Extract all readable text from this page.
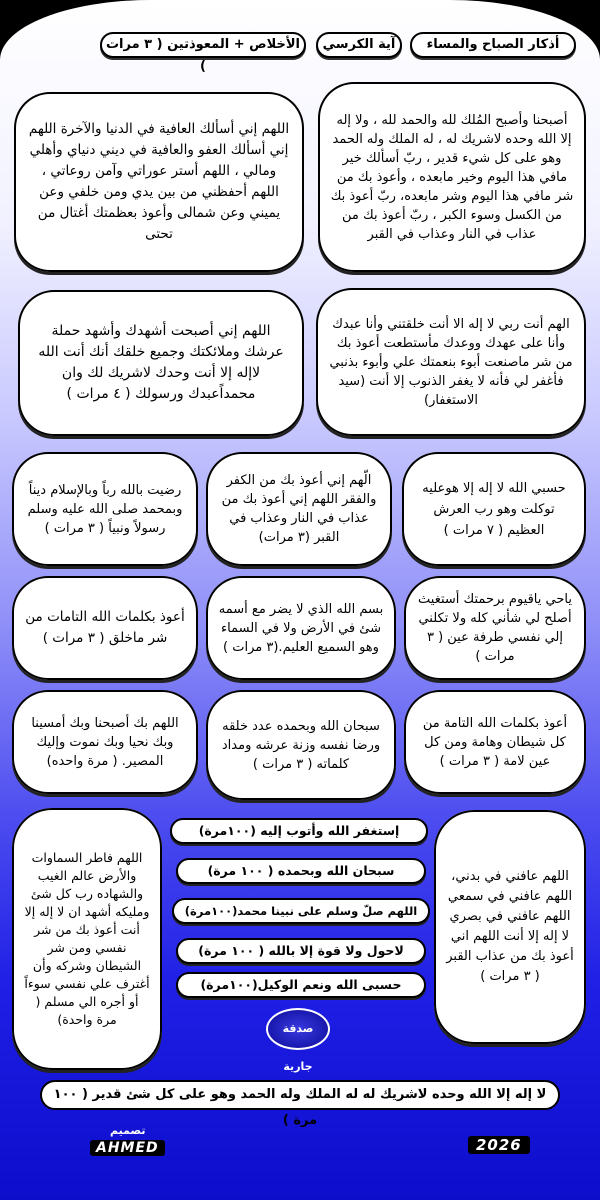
أذكار الصباح والمساء
آية الكرسي
الأخلاص + المعوذتين ( ٣ مرات )
أصبحنا وأصبح المُلك لله والحمد لله ، ولا إله إلا الله وحده لاشريك له ، له الملك وله الحمد وهو على كل شيء قدير ، ربّ أسألك خير مافي هذا اليوم وخير مابعده ، وأعوذ بك من شر مافي هذا اليوم وشر مابعده، ربّ أعوذ بك من الكسل وسوء الكبر ، ربّ أعوذ بك من عذاب في النار وعذاب في القبر
اللهم إني أسألك العافية في الدنيا والآخرة اللهم إني أسألك العفو والعافية في ديني دنياي وأهلي ومالي ، اللهم أستر عوراتي وآمن روعاتي ، اللهم أحفظني من بين يدي ومن خلفي وعن يميني وعن شمالى وأعوذ بعظمتك أغتال من تحتى
الهم أنت ربي لا إله الا أنت خلقتني وأنا عبدك وأنا على عهدك ووعدك مأستطعت أعوذ بك من شر ماصنعت أبوء بنعمتك علي وأبوء بذنبي فأغفر لي فأنه لا يغفر الذنوب إلا أنت (سيد الاستغفار)
اللهم إني أصبحت أشهدك وأشهد حملة عرشك وملائكتك وجميع خلقك أنك أنت الله لاإله إلا أنت وحدك لاشريك لك وان محمداًعبدك ورسولك ( ٤ مرات )
حسبي الله لا إله إلا هوعليه توكلت وهو رب العرش العظيم ( ٧ مرات )
الّهم إني أعوذ بك من الكفر والفقر اللهم إني أعوذ بك من عذاب في النار وعذاب في القبر (٣ مرات)
رضيت بالله رباً وبالإسلام ديناً وبمحمد صلى الله عليه وسلم رسولاً ونبياً ( ٣ مرات )
ياحي ياقيوم برحمتك أستغيث أصلح لي شأني كله ولا تكلني إلي نفسي طرفة عين ( ٣ مرات )
بسم الله الذي لا يضر مع أسمه شئ في الأرض ولا في السماء وهو السميع العليم.(٣ مرات )
أعوذ بكلمات الله التامات من شر ماخلق ( ٣ مرات )
أعوذ بكلمات الله التامة من كل شيطان وهامة ومن كل عين لامة ( ٣ مرات )
سبحان الله وبحمده عدد خلقه ورضا نفسه وزنة عرشه ومداد كلماته ( ٣ مرات )
اللهم بك أصبحنا وبك أمسينا وبك نحيا وبك نموت وإليك المصير. ( مرة واحده)
اللهم عافني في بدني، اللهم عافني في سمعي اللهم عافني في بصري لا إله إلا أنت اللهم اني أعوذ بك من عذاب القبر ( ٣ مرات )
اللهم فاطر السماوات والأرض عالم الغيب والشهاده رب كل شئ ومليكه أشهد ان لا إله إلا أنت أعوذ بك من شر نفسي ومن شر الشيطان وشركه وأن أغترف علي نفسي سوءاً أو أجره الي مسلم ( مرة واحدة)
إستغفر الله وأتوب إليه (١٠٠مرة)
سبحان الله وبحمده ( ١٠٠ مرة)
اللهم صلّ وسلم على نبينا محمد(١٠٠مرة)
لاحول ولا قوة إلا بالله ( ١٠٠ مرة)
حسبى الله ونعم الوكيل(١٠٠مرة)
صدقة جارية
لا إله إلا الله وحده لاشريك له له الملك وله الحمد وهو على كل شئ قدير ( ١٠٠ مرة )
تصميم
AHMED	2026
